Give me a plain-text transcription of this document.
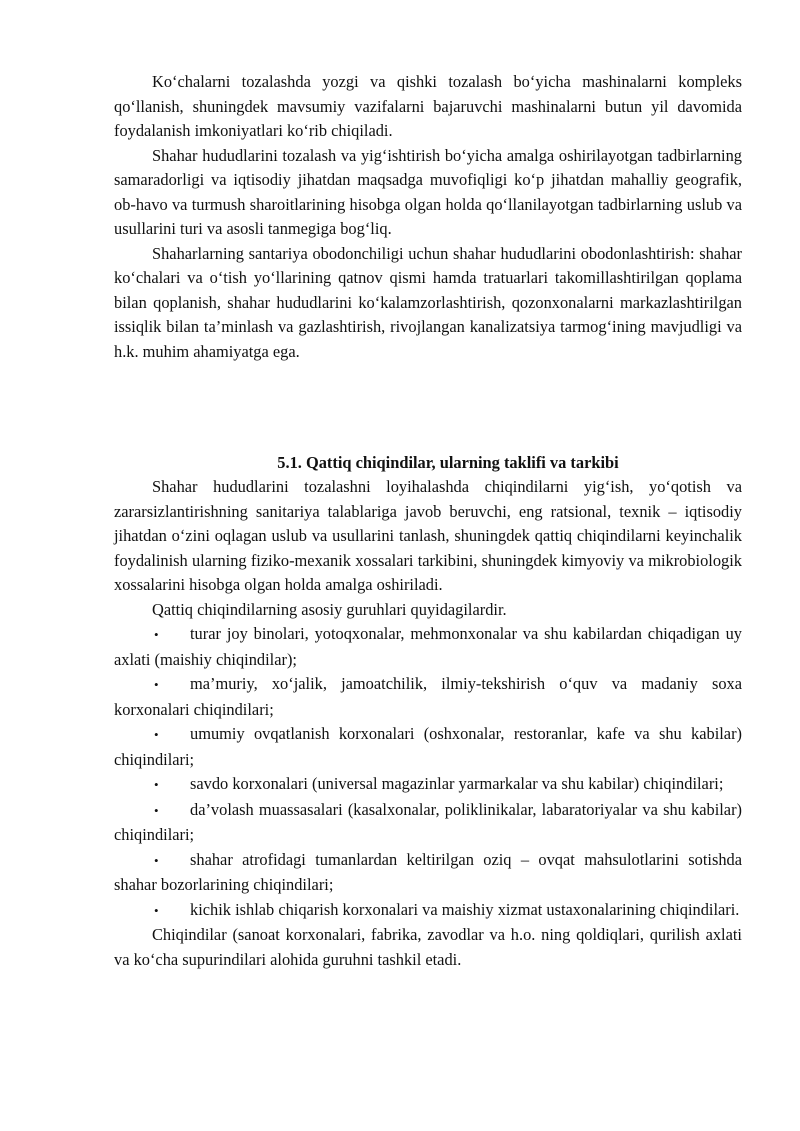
Ko‘chalarni tozalashda yozgi va qishki tozalash bo‘yicha mashinalarni kompleks qo‘llanish, shuningdek mavsumiy vazifalarni bajaruvchi mashinalarni butun yil davomida foydalanish imkoniyatlari ko‘rib chiqiladi.

Shahar hududlarini tozalash va yig‘ishtirish bo‘yicha amalga oshirilayotgan tadbirlarning samaradorligi va iqtisodiy jihatdan maqsadga muvofiqligi ko‘p jihatdan mahalliy geografik, ob-havo va turmush sharoitlarining hisobga olgan holda qo‘llanilayotgan tadbirlarning uslub va usullarini turi va asosli tanmegiga bog‘liq.

Shaharlarning santariya obodonchiligi uchun shahar hududlarini obodonlashtirish: shahar ko‘chalari va o‘tish yo‘llarining qatnov qismi hamda tratuarlari takomillashtirilgan qoplama bilan qoplanish, shahar hududlarini ko‘kalamzorlashtirish, qozonxonalarni markazlashtirilgan issiqlik bilan ta’minlash va gazlashtirish, rivojlangan kanalizatsiya tarmog‘ining mavjudligi va h.k. muhim ahamiyatga ega.

5.1. Qattiq chiqindilar, ularning taklifi va tarkibi

Shahar hududlarini tozalashni loyihalashda chiqindilarni yig‘ish, yo‘qotish va zararsizlantirishning sanitariya talablariga javob beruvchi, eng ratsional, texnik – iqtisodiy jihatdan o‘zini oqlagan uslub va usullarini tanlash, shuningdek qattiq chiqindilarni keyinchalik foydalinish ularning fiziko-mexanik xossalari tarkibini, shuningdek kimyoviy va mikrobiologik xossalarini hisobga olgan holda amalga oshiriladi.

Qattiq chiqindilarning asosiy guruhlari quyidagilardir.

• turar joy binolari, yotoqxonalar, mehmonxonalar va shu kabilardan chiqadigan uy axlati (maishiy chiqindilar);

• ma’muriy, xo‘jalik, jamoatchilik, ilmiy-tekshirish o‘quv va madaniy soxa korxonalari chiqindilari;

• umumiy ovqatlanish korxonalari (oshxonalar, restoranlar, kafe va shu kabilar) chiqindilari;

• savdo korxonalari (universal magazinlar yarmarkalar va shu kabilar) chiqindilari;

• da’volash muassasalari (kasalxonalar, poliklinikalar, labaratoriyalar va shu kabilar) chiqindilari;

• shahar atrofidagi tumanlardan keltirilgan oziq – ovqat mahsulotlarini sotishda shahar bozorlarining chiqindilari;

• kichik ishlab chiqarish korxonalari va maishiy xizmat ustaxonalarining chiqindilari.

Chiqindilar (sanoat korxonalari, fabrika, zavodlar va h.o. ning qoldiqlari, qurilish axlati va ko‘cha supurindilari alohida guruhni tashkil etadi.
